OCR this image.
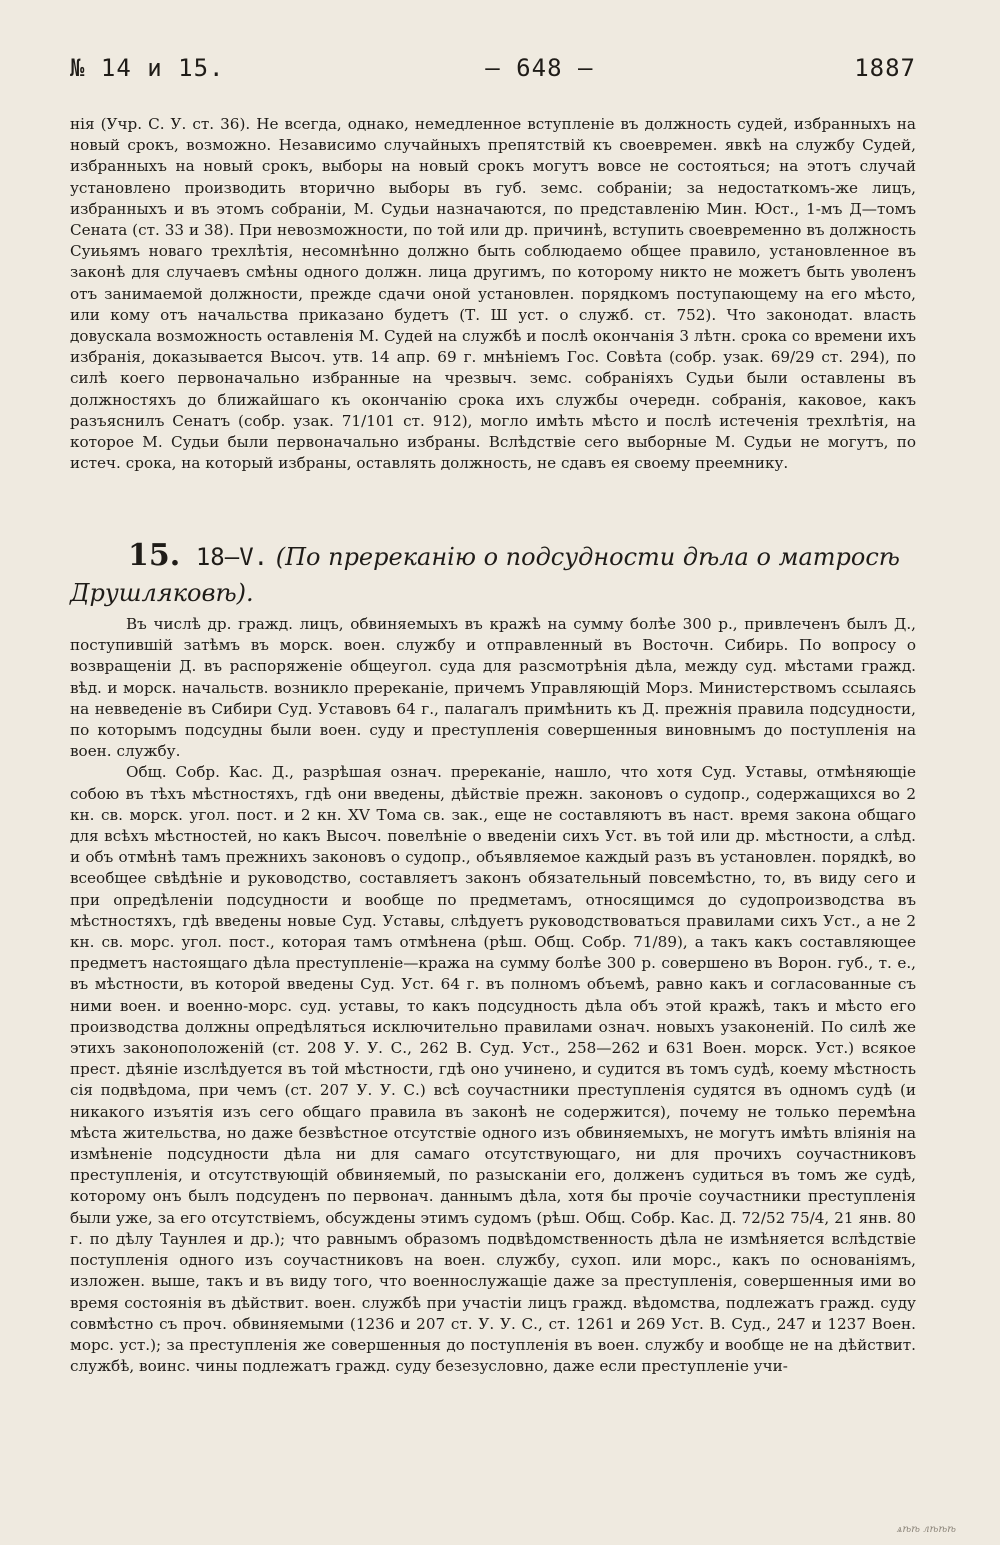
№ 14 и 15.	— 648 —	1887

нія (Учр. С. У. ст. 36). Не всегда, однако, немедленное вступленіе въ должность судей, избранныхъ на новый срокъ, возможно. Независимо случайныхъ препятствій къ своевремен. явкѣ на службу Судей, избранныхъ на новый срокъ, выборы на новый срокъ могутъ вовсе не состояться; на этотъ случай установлено производить вторично выборы въ губ. земс. собраніи; за недостаткомъ-же лицъ, избранныхъ и въ этомъ собраніи, М. Судьи назначаются, по представленію Мин. Юст., 1-мъ Д—томъ Сената (ст. 33 и 38). При невозможности, по той или др. причинѣ, вступить своевременно въ должность Суиьямъ новаго трехлѣтія, несомнѣнно должно быть соблюдаемо общее правило, установленное въ законѣ для случаевъ смѣны одного должн. лица другимъ, по которому никто не можетъ быть уволенъ отъ занимаемой должности, прежде сдачи оной установлен. порядкомъ поступающему на его мѣсто, или кому отъ начальства приказано будетъ (Т. Ш уст. о служб. ст. 752). Что законодат. власть довускала возможность оставленія М. Судей на службѣ и послѣ окончанія 3 лѣтн. срока со времени ихъ избранія, доказывается Высоч. утв. 14 апр. 69 г. мнѣніемъ Гос. Совѣта (собр. узак. 69/29 ст. 294), по силѣ коего первоначально избранные на чрезвыч. земс. собраніяхъ Судьи были оставлены въ должностяхъ до ближайшаго къ окончанію срока ихъ службы очередн. собранія, каковое, какъ разъяснилъ Сенатъ (собр. узак. 71/101 ст. 912), могло имѣть мѣсто и послѣ истеченія трехлѣтія, на которое М. Судьи были первоначально избраны. Вслѣдствіе сего выборные М. Судьи не могутъ, по истеч. срока, на который избраны, оставлять должность, не сдавъ ея своему преемнику.

15. 18—V. (По пререканію о подсудности дѣла о матросѣ Друшляковѣ).

Въ числѣ др. гражд. лицъ, обвиняемыхъ въ кражѣ на сумму болѣе 300 р., привлеченъ былъ Д., поступившій затѣмъ въ морск. воен. службу и отправленный въ Восточн. Сибирь. По вопросу о возвращеніи Д. въ распоряженіе общеугол. суда для разсмотрѣнія дѣла, между суд. мѣстами гражд. вѣд. и морск. начальств. возникло пререканіе, причемъ Управляющій Морз. Министерствомъ ссылаясь на невведеніе въ Сибири Суд. Уставовъ 64 г., палагалъ примѣнить къ Д. прежнія правила подсудности, по которымъ подсудны были воен. суду и преступленія совершенныя виновнымъ до поступленія на воен. службу.

Общ. Собр. Кас. Д., разрѣшая означ. пререканіе, нашло, что хотя Суд. Уставы, отмѣняющіе собою въ тѣхъ мѣстностяхъ, гдѣ они введены, дѣйствіе прежн. законовъ о судопр., содержащихся во 2 кн. св. морск. угол. пост. и 2 кн. XV Тома св. зак., еще не составляютъ въ наст. время закона общаго для всѣхъ мѣстностей, но какъ Высоч. повелѣніе о введеніи сихъ Уст. въ той или др. мѣстности, а слѣд. и объ отмѣнѣ тамъ прежнихъ законовъ о судопр., объявляемое каждый разъ въ установлен. порядкѣ, во всеобщее свѣдѣніе и руководство, составляетъ законъ обязательный повсемѣстно, то, въ виду сего и при опредѣленіи подсудности и вообще по предметамъ, относящимся до судопроизводства въ мѣстностяхъ, гдѣ введены новые Суд. Уставы, слѣдуетъ руководствоваться правилами сихъ Уст., а не 2 кн. св. морс. угол. пост., которая тамъ отмѣнена (рѣш. Общ. Собр. 71/89), а такъ какъ составляющее предметъ настоящаго дѣла преступленіе—кража на сумму болѣе 300 р. совершено въ Ворон. губ., т. е., въ мѣстности, въ которой введены Суд. Уст. 64 г. въ полномъ объемѣ, равно какъ и согласованные съ ними воен. и военно-морс. суд. уставы, то какъ подсудность дѣла объ этой кражѣ, такъ и мѣсто его производства должны опредѣляться исключительно правилами означ. новыхъ узаконеній. По силѣ же этихъ законоположеній (ст. 208 У. У. С., 262 В. Суд. Уст., 258—262 и 631 Воен. морск. Уст.) всякое прест. дѣяніе изслѣдуется въ той мѣстности, гдѣ оно учинено, и судится въ томъ судѣ, коему мѣстность сія подвѣдома, при чемъ (ст. 207 У. У. С.) всѣ соучастники преступленія судятся въ одномъ судѣ (и никакого изъятія изъ сего общаго правила въ законѣ не содержится), почему не только перемѣна мѣста жительства, но даже безвѣстное отсутствіе одного изъ обвиняемыхъ, не могутъ имѣть вліянія на измѣненіе подсудности дѣла ни для самаго отсутствующаго, ни для прочихъ соучастниковъ преступленія, и отсутствующій обвиняемый, по разысканіи его, долженъ судиться въ томъ же судѣ, которому онъ былъ подсуденъ по первонач. даннымъ дѣла, хотя бы прочіе соучастники преступленія были уже, за его отсутствіемъ, обсуждены этимъ судомъ (рѣш. Общ. Собр. Кас. Д. 72/52 75/4, 21 янв. 80 г. по дѣлу Таунлея и др.); что равнымъ образомъ подвѣдомственность дѣла не измѣняется вслѣдствіе поступленія одного изъ соучастниковъ на воен. службу, сухоп. или морс., какъ по основаніямъ, изложен. выше, такъ и въ виду того, что военнослужащіе даже за преступленія, совершенныя ими во время состоянія въ дѣйствит. воен. службѣ при участіи лицъ гражд. вѣдомства, подлежатъ гражд. суду совмѣстно съ проч. обвиняемыми (1236 и 207 ст. У. У. С., ст. 1261 и 269 Уст. В. Суд., 247 и 1237 Воен. морс. уст.); за преступленія же совершенныя до поступленія въ воен. службу и вообще не на дѣйствит. службѣ, воинс. чины подлежатъ гражд. суду безезусловно, даже если преступленіе учи-

ѧѣѣ лѣѣѣ
